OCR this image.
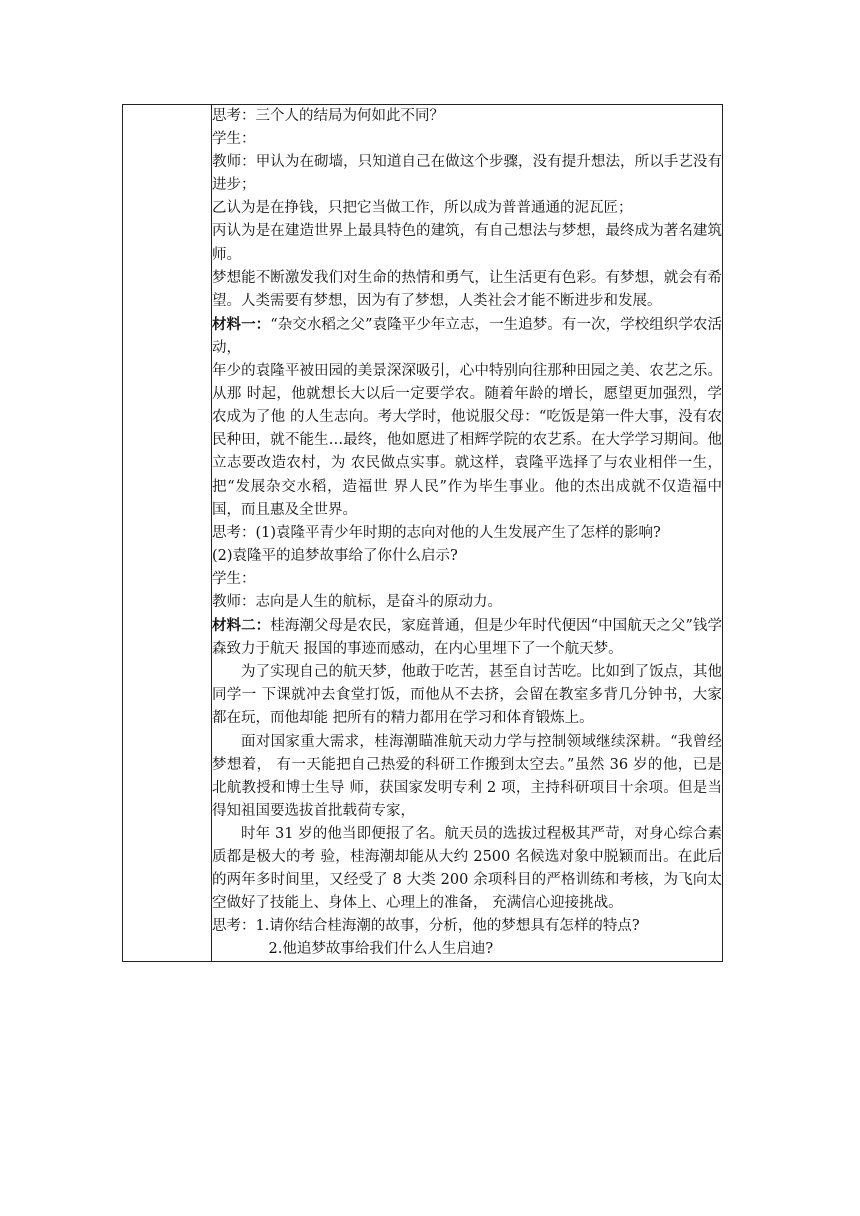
思考：三个人的结局为何如此不同？

学生：

教师：甲认为在砌墙，只知道自己在做这个步骤，没有提升想法，所以手艺没有进步；

乙认为是在挣钱，只把它当做工作，所以成为普普通通的泥瓦匠；

丙认为是在建造世界上最具特色的建筑，有自己想法与梦想，最终成为著名建筑师。

梦想能不断激发我们对生命的热情和勇气，让生活更有色彩。有梦想，就会有希望。人类需要有梦想，因为有了梦想，人类社会才能不断进步和发展。

材料一：“杂交水稻之父”袁隆平少年立志，一生追梦。有一次，学校组织学农活动，

年少的袁隆平被田园的美景深深吸引，心中特别向往那种田园之美、农艺之乐。从那 时起，他就想长大以后一定要学农。随着年龄的增长，愿望更加强烈，学农成为了他 的人生志向。考大学时，他说服父母：“吃饭是第一件大事，没有农民种田，就不能生…最终，他如愿进了相辉学院的农艺系。在大学学习期间。他立志要改造农村，为 农民做点实事。就这样，袁隆平选择了与农业相伴一生，把“发展杂交水稻，造福世 界人民”作为毕生事业。他的杰出成就不仅造福中国，而且惠及全世界。

思考：(1)袁隆平青少年时期的志向对他的人生发展产生了怎样的影响?

(2)袁隆平的追梦故事给了你什么启示?

学生：

教师：志向是人生的航标，是奋斗的原动力。

材料二：桂海潮父母是农民，家庭普通，但是少年时代便因“中国航天之父”钱学森致力于航天 报国的事迹而感动，在内心里埋下了一个航天梦。

为了实现自己的航天梦，他敢于吃苦，甚至自讨苦吃。比如到了饭点，其他同学一 下课就冲去食堂打饭，而他从不去挤，会留在教室多背几分钟书，大家都在玩，而他却能 把所有的精力都用在学习和体育锻炼上。

面对国家重大需求，桂海潮瞄准航天动力学与控制领域继续深耕。“我曾经梦想着， 有一天能把自己热爱的科研工作搬到太空去。”虽然 36 岁的他，已是北航教授和博士生导 师，获国家发明专利 2 项，主持科研项目十余项。但是当得知祖国要选拔首批载荷专家，

时年 31 岁的他当即便报了名。航天员的选拔过程极其严苛，对身心综合素质都是极大的考 验，桂海潮却能从大约 2500 名候选对象中脱颖而出。在此后的两年多时间里，又经受了 8 大类 200 余项科目的严格训练和考核，为飞向太空做好了技能上、身体上、心理上的准备， 充满信心迎接挑战。

思考：1.请你结合桂海潮的故事，分析，他的梦想具有怎样的特点?

2.他追梦故事给我们什么人生启迪?
